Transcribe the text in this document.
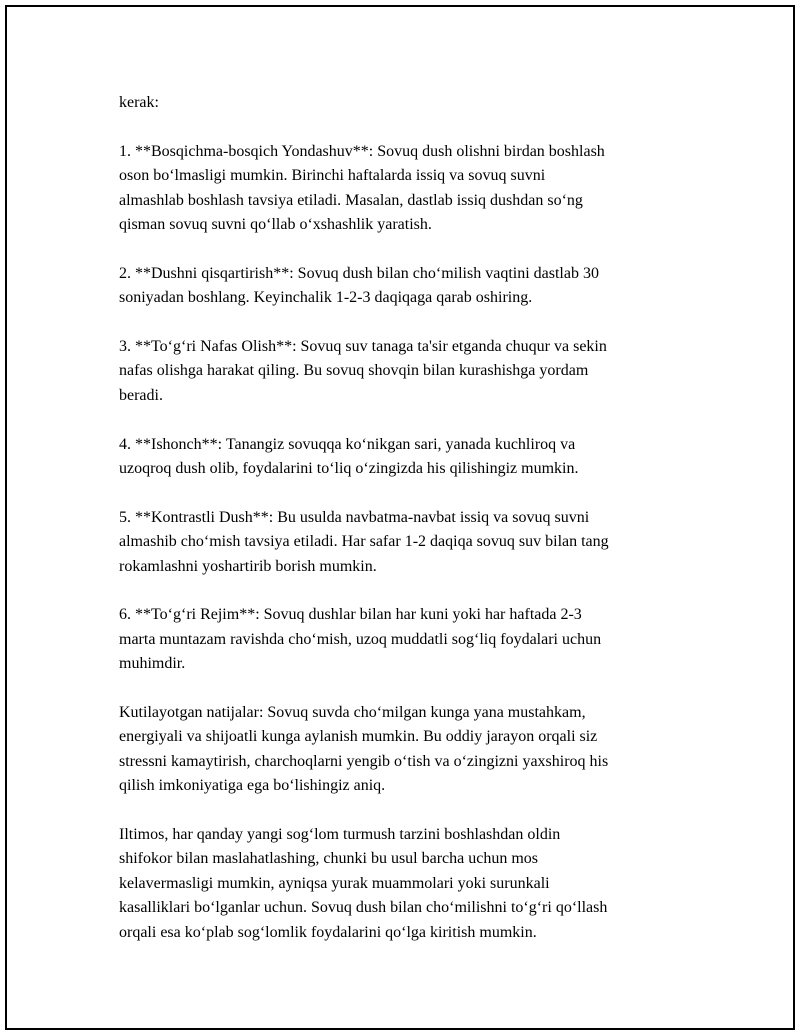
kerak:

1. **Bosqichma-bosqich Yondashuv**: Sovuq dush olishni birdan boshlash
oson bo‘lmasligi mumkin. Birinchi haftalarda issiq va sovuq suvni
almashlab boshlash tavsiya etiladi. Masalan, dastlab issiq dushdan so‘ng
qisman sovuq suvni qo‘llab o‘xshashlik yaratish.

2. **Dushni qisqartirish**: Sovuq dush bilan cho‘milish vaqtini dastlab 30
soniyadan boshlang. Keyinchalik 1-2-3 daqiqaga qarab oshiring.

3. **To‘g‘ri Nafas Olish**: Sovuq suv tanaga ta'sir etganda chuqur va sekin
nafas olishga harakat qiling. Bu sovuq shovqin bilan kurashishga yordam
beradi.

4. **Ishonch**: Tanangiz sovuqqa ko‘nikgan sari, yanada kuchliroq va
uzoqroq dush olib, foydalarini to‘liq o‘zingizda his qilishingiz mumkin.

5. **Kontrastli Dush**: Bu usulda navbatma-navbat issiq va sovuq suvni
almashib cho‘mish tavsiya etiladi. Har safar 1-2 daqiqa sovuq suv bilan tang
rokamlashni yoshartirib borish mumkin.

6. **To‘g‘ri Rejim**: Sovuq dushlar bilan har kuni yoki har haftada 2-3
marta muntazam ravishda cho‘mish, uzoq muddatli sog‘liq foydalari uchun
muhimdir.

Kutilayotgan natijalar: Sovuq suvda cho‘milgan kunga yana mustahkam,
energiyali va shijoatli kunga aylanish mumkin. Bu oddiy jarayon orqali siz
stressni kamaytirish, charchoqlarni yengib o‘tish va o‘zingizni yaxshiroq his
qilish imkoniyatiga ega bo‘lishingiz aniq.

Iltimos, har qanday yangi sog‘lom turmush tarzini boshlashdan oldin
shifokor bilan maslahatlashing, chunki bu usul barcha uchun mos
kelavermasligi mumkin, ayniqsa yurak muammolari yoki surunkali
kasalliklari bo‘lganlar uchun. Sovuq dush bilan cho‘milishni to‘g‘ri qo‘llash
orqali esa ko‘plab sog‘lomlik foydalarini qo‘lga kiritish mumkin.
